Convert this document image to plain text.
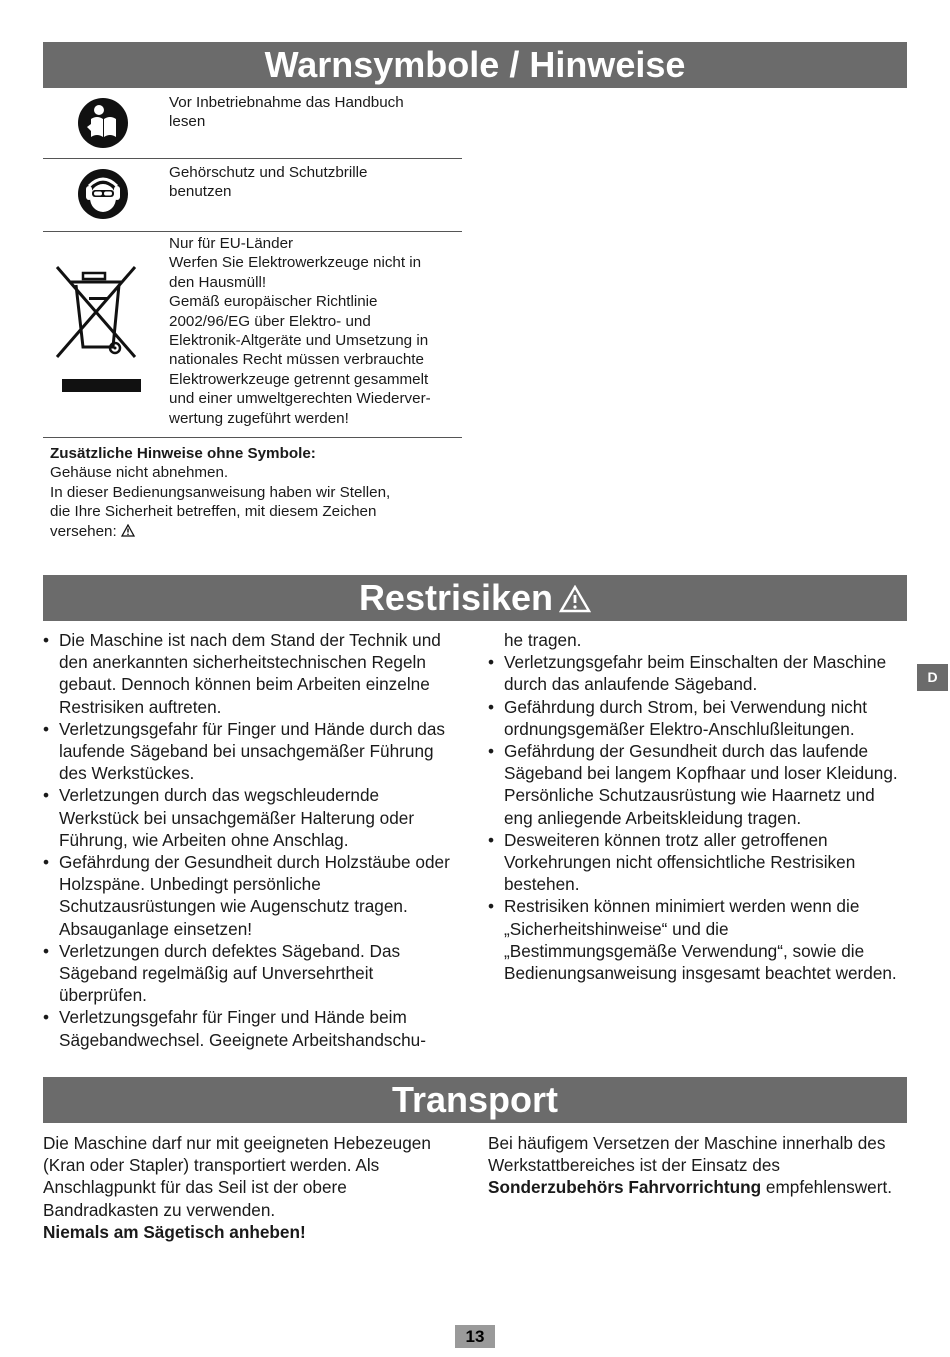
Warnsymbole / Hinweise

Vor Inbetriebnahme das Handbuch

lesen

Gehörschutz und Schutzbrille

benutzen

Nur für EU-Länder

Werfen Sie Elektrowerkzeuge nicht in

den Hausmüll!

Gemäß europäischer Richtlinie

2002/96/EG über Elektro- und

Elektronik-Altgeräte und Umsetzung in

nationales Recht müssen verbrauchte

Elektrowerkzeuge getrennt gesammelt

und einer umweltgerechten Wiederver-

wertung zugeführt werden!

Zusätzliche Hinweise ohne Symbole:

Gehäuse nicht abnehmen.

In dieser Bedienungsanweisung haben wir Stellen,

die Ihre Sicherheit betreffen, mit diesem Zeichen

versehen:

Restrisiken
• Die Maschine ist nach dem Stand der Technik und den anerkannten sicherheitstechnischen Regeln gebaut. Dennoch können beim Arbeiten einzelne Restrisiken auftreten.
• Verletzungsgefahr für Finger und Hände durch das laufende Sägeband bei unsachgemäßer Führung des Werkstückes.
• Verletzungen durch das wegschleudernde Werkstück bei unsachgemäßer Halterung oder Führung, wie Arbeiten ohne Anschlag.
• Gefährdung der Gesundheit durch Holzstäube oder Holzspäne. Unbedingt persönliche Schutzausrüstungen wie Augenschutz tragen. Absauganlage einsetzen!
• Verletzungen durch defektes Sägeband. Das Sägeband regelmäßig auf Unversehrtheit überprüfen.
• Verletzungsgefahr für Finger und Hände beim Sägebandwechsel. Geeignete Arbeitshandschu-

he tragen.

• Verletzungsgefahr beim Einschalten der Maschine durch das anlaufende Sägeband.
• Gefährdung durch Strom, bei Verwendung nicht ordnungsgemäßer Elektro-Anschlußleitungen.
• Gefährdung der Gesundheit durch das laufende Sägeband bei langem Kopfhaar und loser Kleidung. Persönliche Schutzausrüstung wie Haarnetz und eng anliegende Arbeitskleidung tragen.
• Desweiteren können trotz aller getroffenen Vorkehrungen nicht offensichtliche Restrisiken bestehen.
• Restrisiken können minimiert werden wenn die „Sicherheitshinweise“ und die „Bestimmungsgemäße Verwendung“, sowie die Bedienungsanweisung insgesamt beachtet werden.
D
Transport

Die Maschine darf nur mit geeigneten Hebezeugen (Kran oder Stapler) transportiert werden. Als Anschlagpunkt für das Seil ist der obere Bandradkasten zu verwenden.

Niemals am Sägetisch anheben!

Bei häufigem Versetzen der Maschine innerhalb des Werkstattbereiches ist der Einsatz des Sonderzubehörs Fahrvorrichtung empfehlenswert.

13
